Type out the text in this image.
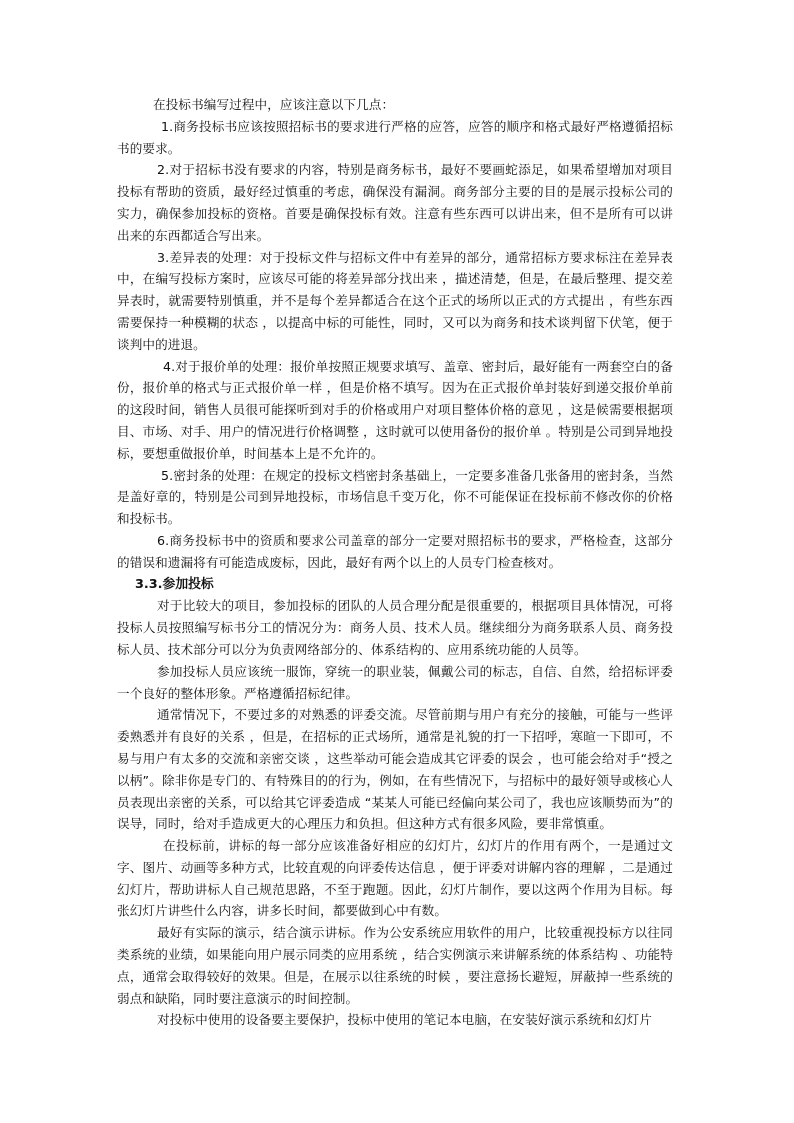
在投标书编写过程中，应该注意以下几点：

1.商务投标书应该按照招标书的要求进行严格的应答，应答的顺序和格式最好严格遵循招标书的要求。

2.对于招标书没有要求的内容，特别是商务标书，最好不要画蛇添足，如果希望增加对项目投标有帮助的资质，最好经过慎重的考虑，确保没有漏洞。商务部分主要的目的是展示投标公司的实力，确保参加投标的资格。首要是确保投标有效。注意有些东西可以讲出来，但不是所有可以讲出来的东西都适合写出来。

3.差异表的处理：对于投标文件与招标文件中有差异的部分，通常招标方要求标注在差异表中，在编写投标方案时，应该尽可能的将差异部分找出来 ，描述清楚，但是，在最后整理、提交差异表时，就需要特别慎重，并不是每个差异都适合在这个正式的场所以正式的方式提出 ，有些东西需要保持一种模糊的状态 ，以提高中标的可能性，同时，又可以为商务和技术谈判留下伏笔，便于谈判中的进退。

4.对于报价单的处理：报价单按照正规要求填写、盖章、密封后，最好能有一两套空白的备份，报价单的格式与正式报价单一样 ，但是价格不填写。因为在正式报价单封装好到递交报价单前的这段时间，销售人员很可能探听到对手的价格或用户对项目整体价格的意见 ，这是候需要根据项目、市场、对手、用户的情况进行价格调整 ，这时就可以使用备份的报价单 。特别是公司到异地投标，要想重做报价单，时间基本上是不允许的。

5.密封条的处理：在规定的投标文档密封条基础上，一定要多准备几张备用的密封条，当然是盖好章的，特别是公司到异地投标，市场信息千变万化，你不可能保证在投标前不修改你的价格和投标书。

6.商务投标书中的资质和要求公司盖章的部分一定要对照招标书的要求，严格检查，这部分的错误和遗漏将有可能造成废标，因此，最好有两个以上的人员专门检查核对。

3.3.参加投标

对于比较大的项目，参加投标的团队的人员合理分配是很重要的，根据项目具体情况，可将投标人员按照编写标书分工的情况分为：商务人员、技术人员。继续细分为商务联系人员、商务投标人员、技术部分可以分为负责网络部分的、体系结构的、应用系统功能的人员等。

参加投标人员应该统一服饰，穿统一的职业装，佩戴公司的标志，自信、自然，给招标评委一个良好的整体形象。严格遵循招标纪律。

通常情况下，不要过多的对熟悉的评委交流。尽管前期与用户有充分的接触，可能与一些评委熟悉并有良好的关系 ，但是，在招标的正式场所，通常是礼貌的打一下招呼，寒暄一下即可，不易与用户有太多的交流和亲密交谈 ，这些举动可能会造成其它评委的误会 ，也可能会给对手“授之以柄”。除非你是专门的、有特殊目的的行为，例如，在有些情况下，与招标中的最好领导或核心人员表现出亲密的关系，可以给其它评委造成 “某某人可能已经偏向某公司了，我也应该顺势而为”的误导，同时，给对手造成更大的心理压力和负担。但这种方式有很多风险，要非常慎重。

在投标前，讲标的每一部分应该准备好相应的幻灯片，幻灯片的作用有两个，一是通过文字、图片、动画等多种方式，比较直观的向评委传达信息 ，便于评委对讲解内容的理解 ，二是通过幻灯片，帮助讲标人自己规范思路，不至于跑题。因此，幻灯片制作，要以这两个作用为目标。每张幻灯片讲些什么内容，讲多长时间，都要做到心中有数。

最好有实际的演示，结合演示讲标。作为公安系统应用软件的用户，比较重视投标方以往同类系统的业绩，如果能向用户展示同类的应用系统 ，结合实例演示来讲解系统的体系结构 、功能特点，通常会取得较好的效果。但是，在展示以往系统的时候 ，要注意扬长避短，屏蔽掉一些系统的弱点和缺陷，同时要注意演示的时间控制。

对投标中使用的设备要主要保护，投标中使用的笔记本电脑，在安装好演示系统和幻灯片
